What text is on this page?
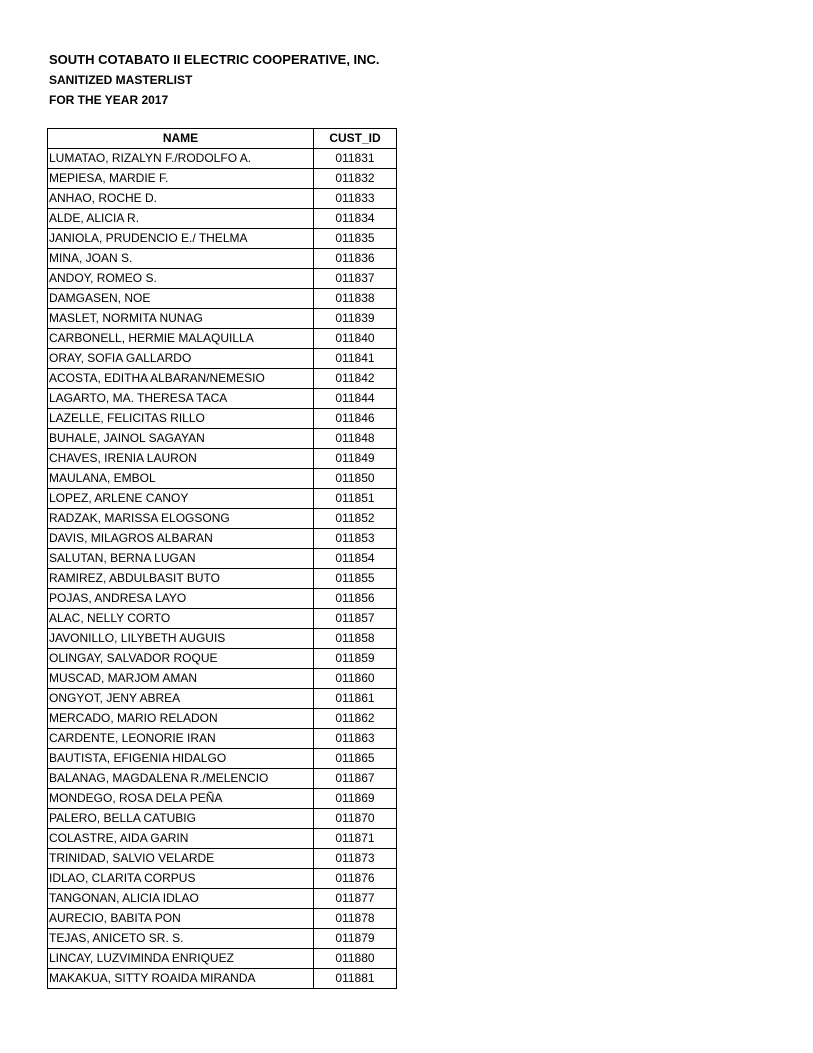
SOUTH COTABATO II ELECTRIC COOPERATIVE, INC.
SANITIZED MASTERLIST
FOR THE YEAR 2017
NAME	CUST_ID
LUMATAO, RIZALYN F./RODOLFO A.	011831
MEPIESA, MARDIE F.	011832
ANHAO, ROCHE D.	011833
ALDE, ALICIA R.	011834
JANIOLA, PRUDENCIO E./ THELMA	011835
MINA, JOAN S.	011836
ANDOY, ROMEO S.	011837
DAMGASEN, NOE	011838
MASLET, NORMITA NUNAG	011839
CARBONELL, HERMIE MALAQUILLA	011840
ORAY, SOFIA GALLARDO	011841
ACOSTA, EDITHA ALBARAN/NEMESIO	011842
LAGARTO, MA. THERESA TACA	011844
LAZELLE, FELICITAS RILLO	011846
BUHALE, JAINOL SAGAYAN	011848
CHAVES, IRENIA LAURON	011849
MAULANA, EMBOL	011850
LOPEZ, ARLENE CANOY	011851
RADZAK, MARISSA ELOGSONG	011852
DAVIS, MILAGROS ALBARAN	011853
SALUTAN, BERNA LUGAN	011854
RAMIREZ, ABDULBASIT BUTO	011855
POJAS, ANDRESA LAYO	011856
ALAC, NELLY CORTO	011857
JAVONILLO, LILYBETH AUGUIS	011858
OLINGAY, SALVADOR ROQUE	011859
MUSCAD, MARJOM AMAN	011860
ONGYOT, JENY ABREA	011861
MERCADO, MARIO RELADON	011862
CARDENTE, LEONORIE IRAN	011863
BAUTISTA, EFIGENIA HIDALGO	011865
BALANAG, MAGDALENA R./MELENCIO	011867
MONDEGO, ROSA DELA PEÑA	011869
PALERO, BELLA CATUBIG	011870
COLASTRE, AIDA GARIN	011871
TRINIDAD, SALVIO VELARDE	011873
IDLAO, CLARITA CORPUS	011876
TANGONAN, ALICIA IDLAO	011877
AURECIO, BABITA PON	011878
TEJAS, ANICETO SR. S.	011879
LINCAY, LUZVIMINDA ENRIQUEZ	011880
MAKAKUA, SITTY ROAIDA MIRANDA	011881
